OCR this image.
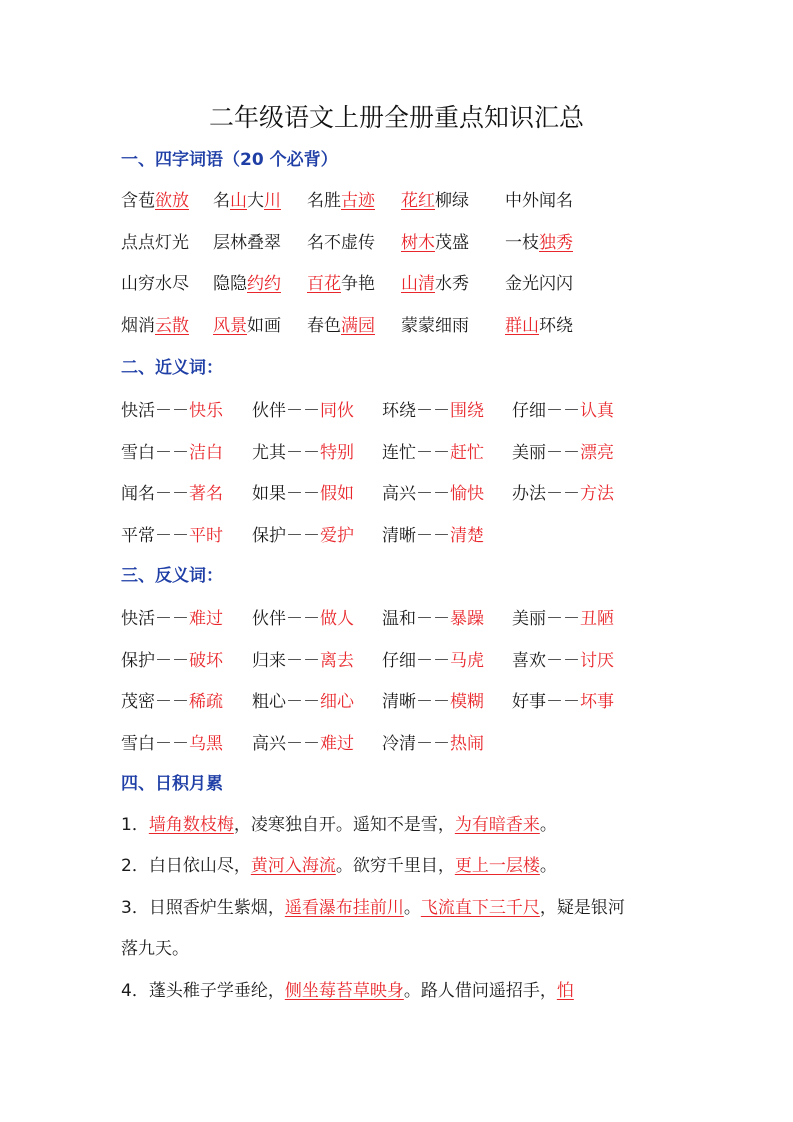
二年级语文上册全册重点知识汇总
一、四字词语（20 个必背）
含苞欲放 名山大川 名胜古迹 花红柳绿 中外闻名
点点灯光 层林叠翠 名不虚传 树木茂盛 一枝独秀
山穷水尽 隐隐约约 百花争艳 山清水秀 金光闪闪
烟消云散 风景如画 春色满园 蒙蒙细雨 群山环绕
二、近义词：
快活－－快乐 伙伴－－同伙 环绕－－围绕 仔细－－认真
雪白－－洁白 尤其－－特别 连忙－－赶忙 美丽－－漂亮
闻名－－著名 如果－－假如 高兴－－愉快 办法－－方法
平常－－平时 保护－－爱护 清晰－－清楚
三、反义词：
快活－－难过 伙伴－－做人 温和－－暴躁 美丽－－丑陋
保护－－破坏 归来－－离去 仔细－－马虎 喜欢－－讨厌
茂密－－稀疏 粗心－－细心 清晰－－模糊 好事－－坏事
雪白－－乌黑 高兴－－难过 冷清－－热闹
四、日积月累
1．墙角数枝梅，凌寒独自开。遥知不是雪，为有暗香来。
2．白日依山尽，黄河入海流。欲穷千里目，更上一层楼。
3．日照香炉生紫烟，遥看瀑布挂前川。飞流直下三千尺，疑是银河
落九天。
4．蓬头稚子学垂纶，侧坐莓苔草映身。路人借问遥招手，怕
